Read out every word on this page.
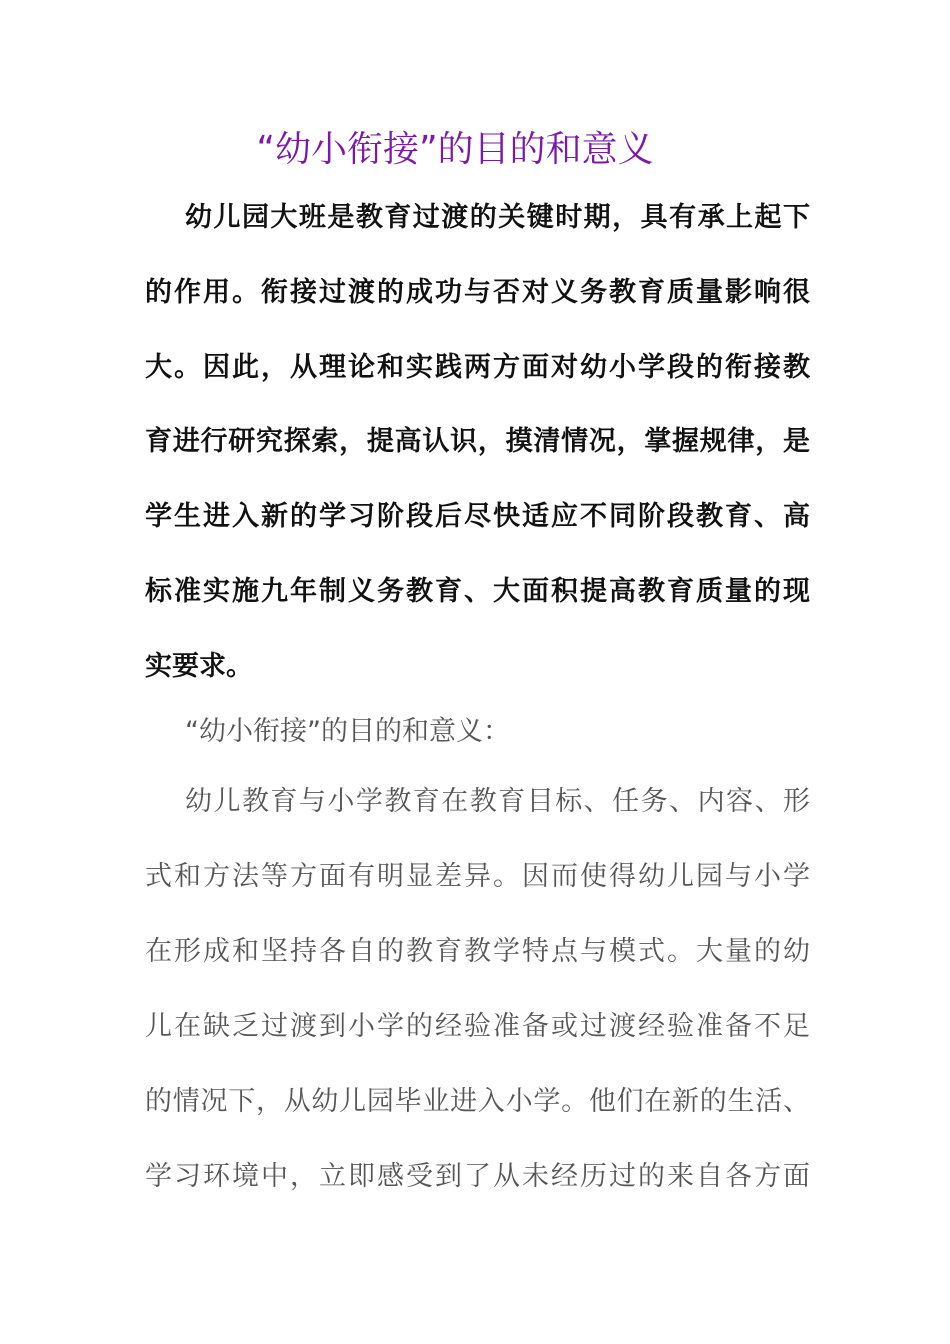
“幼小衔接”的目的和意义
幼儿园大班是教育过渡的关键时期，具有承上起下
的作用。衔接过渡的成功与否对义务教育质量影响很
大。因此，从理论和实践两方面对幼小学段的衔接教
育进行研究探索，提高认识，摸清情况，掌握规律，是
学生进入新的学习阶段后尽快适应不同阶段教育、高
标准实施九年制义务教育、大面积提高教育质量的现
实要求。
“幼小衔接”的目的和意义：
幼儿教育与小学教育在教育目标、任务、内容、形
式和方法等方面有明显差异。因而使得幼儿园与小学
在形成和坚持各自的教育教学特点与模式。大量的幼
儿在缺乏过渡到小学的经验准备或过渡经验准备不足
的情况下，从幼儿园毕业进入小学。他们在新的生活、
学习环境中，立即感受到了从未经历过的来自各方面
